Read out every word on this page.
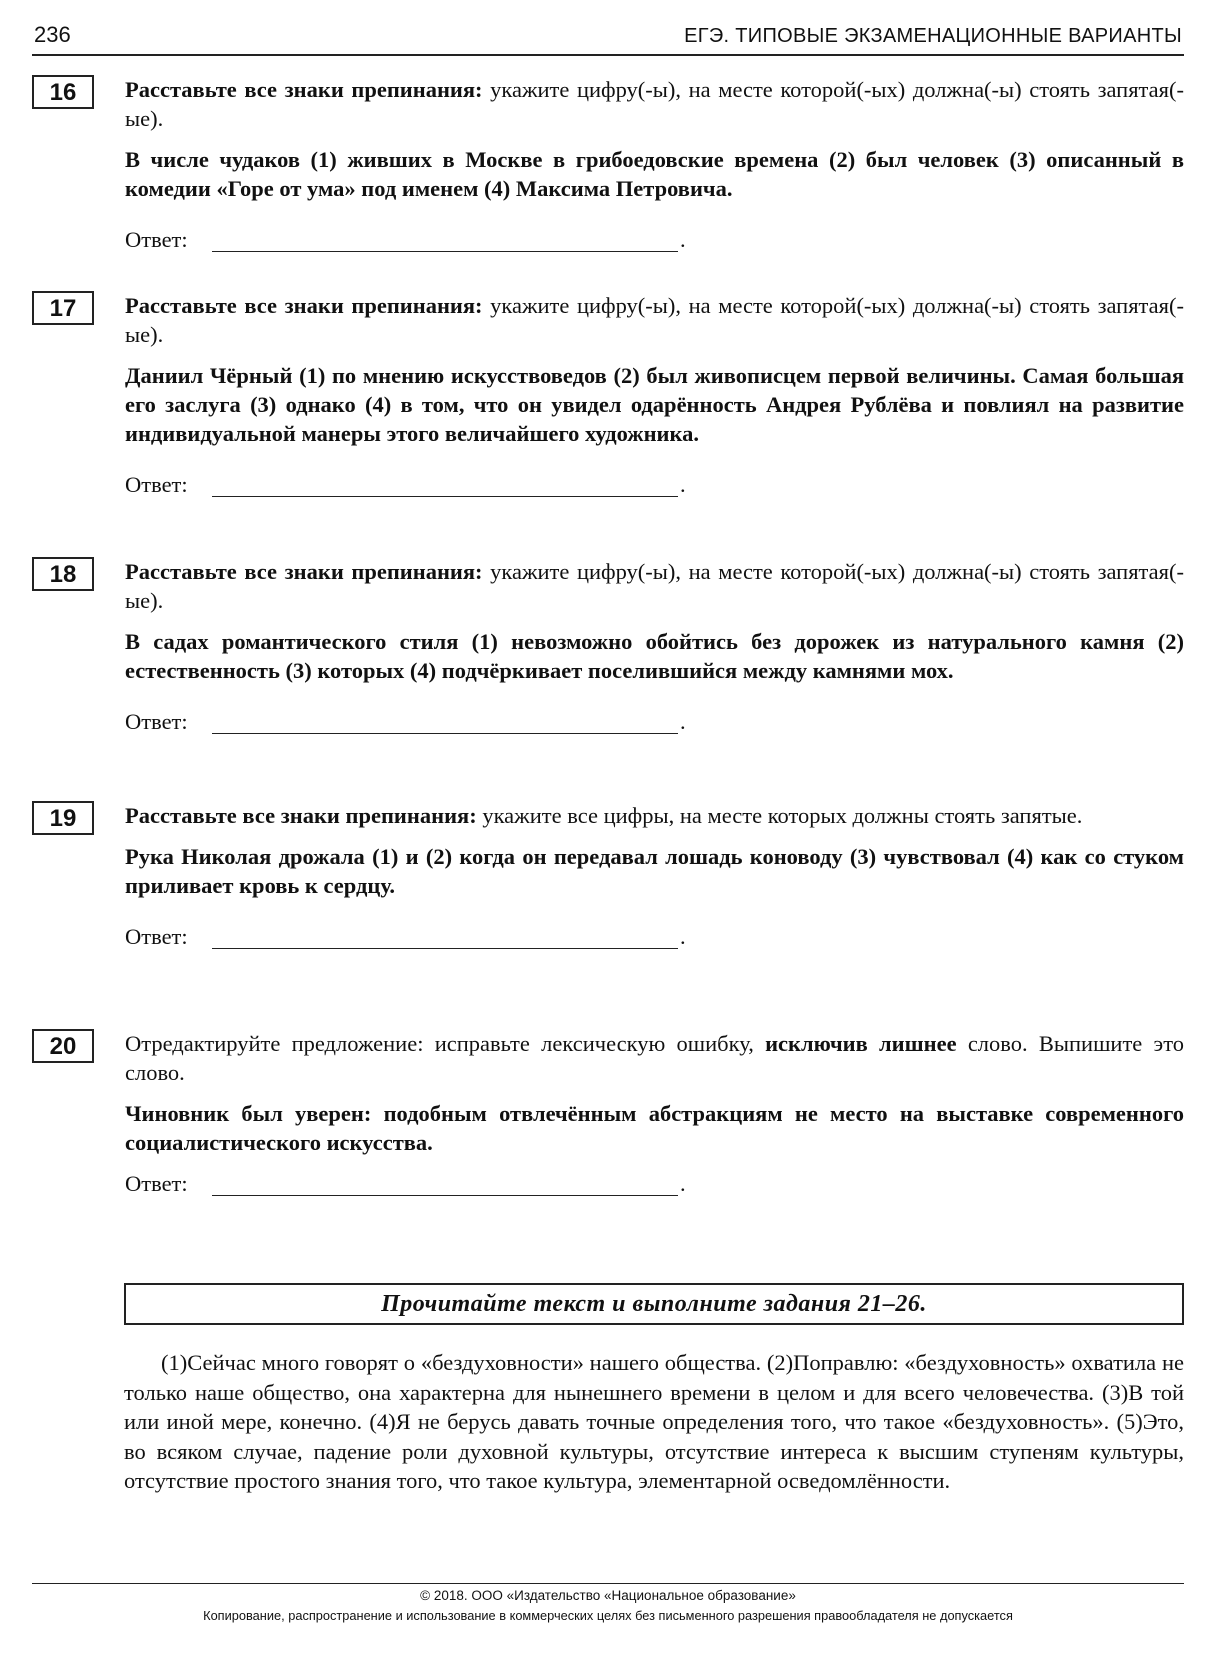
236	ЕГЭ. ТИПОВЫЕ ЭКЗАМЕНАЦИОННЫЕ ВАРИАНТЫ
16	Расставьте все знаки препинания: укажите цифру(-ы), на месте которой(-ых) должна(-ы) стоять запятая(-ые).

В числе чудаков (1) живших в Москве в грибоедовские времена (2) был человек (3) описанный в комедии «Горе от ума» под именем (4) Максима Петровича.

Ответ:	.
17	Расставьте все знаки препинания: укажите цифру(-ы), на месте которой(-ых) должна(-ы) стоять запятая(-ые).

Даниил Чёрный (1) по мнению искусствоведов (2) был живописцем первой величины. Самая большая его заслуга (3) однако (4) в том, что он увидел одарённость Андрея Рублёва и повлиял на развитие индивидуальной манеры этого величайшего художника.

Ответ:	.
18	Расставьте все знаки препинания: укажите цифру(-ы), на месте которой(-ых) должна(-ы) стоять запятая(-ые).

В садах романтического стиля (1) невозможно обойтись без дорожек из натурального камня (2) естественность (3) которых (4) подчёркивает поселившийся между камнями мох.

Ответ:	.
19	Расставьте все знаки препинания: укажите все цифры, на месте которых должны стоять запятые.

Рука Николая дрожала (1) и (2) когда он передавал лошадь коноводу (3) чувствовал (4) как со стуком приливает кровь к сердцу.

Ответ:	.
20	Отредактируйте предложение: исправьте лексическую ошибку, исключив лишнее слово. Выпишите это слово.

Чиновник был уверен: подобным отвлечённым абстракциям не место на выставке современного социалистического искусства.

Ответ:	.
Прочитайте текст и выполните задания 21–26.

(1)Сейчас много говорят о «бездуховности» нашего общества. (2)Поправлю: «бездуховность» охватила не только наше общество, она характерна для нынешнего времени в целом и для всего человечества. (3)В той или иной мере, конечно. (4)Я не берусь давать точные определения того, что такое «бездуховность». (5)Это, во всяком случае, падение роли духовной культуры, отсутствие интереса к высшим ступеням культуры, отсутствие простого знания того, что такое культура, элементарной осведомлённости.

© 2018. ООО «Издательство «Национальное образование»
Копирование, распространение и использование в коммерческих целях без письменного разрешения правообладателя не допускается
